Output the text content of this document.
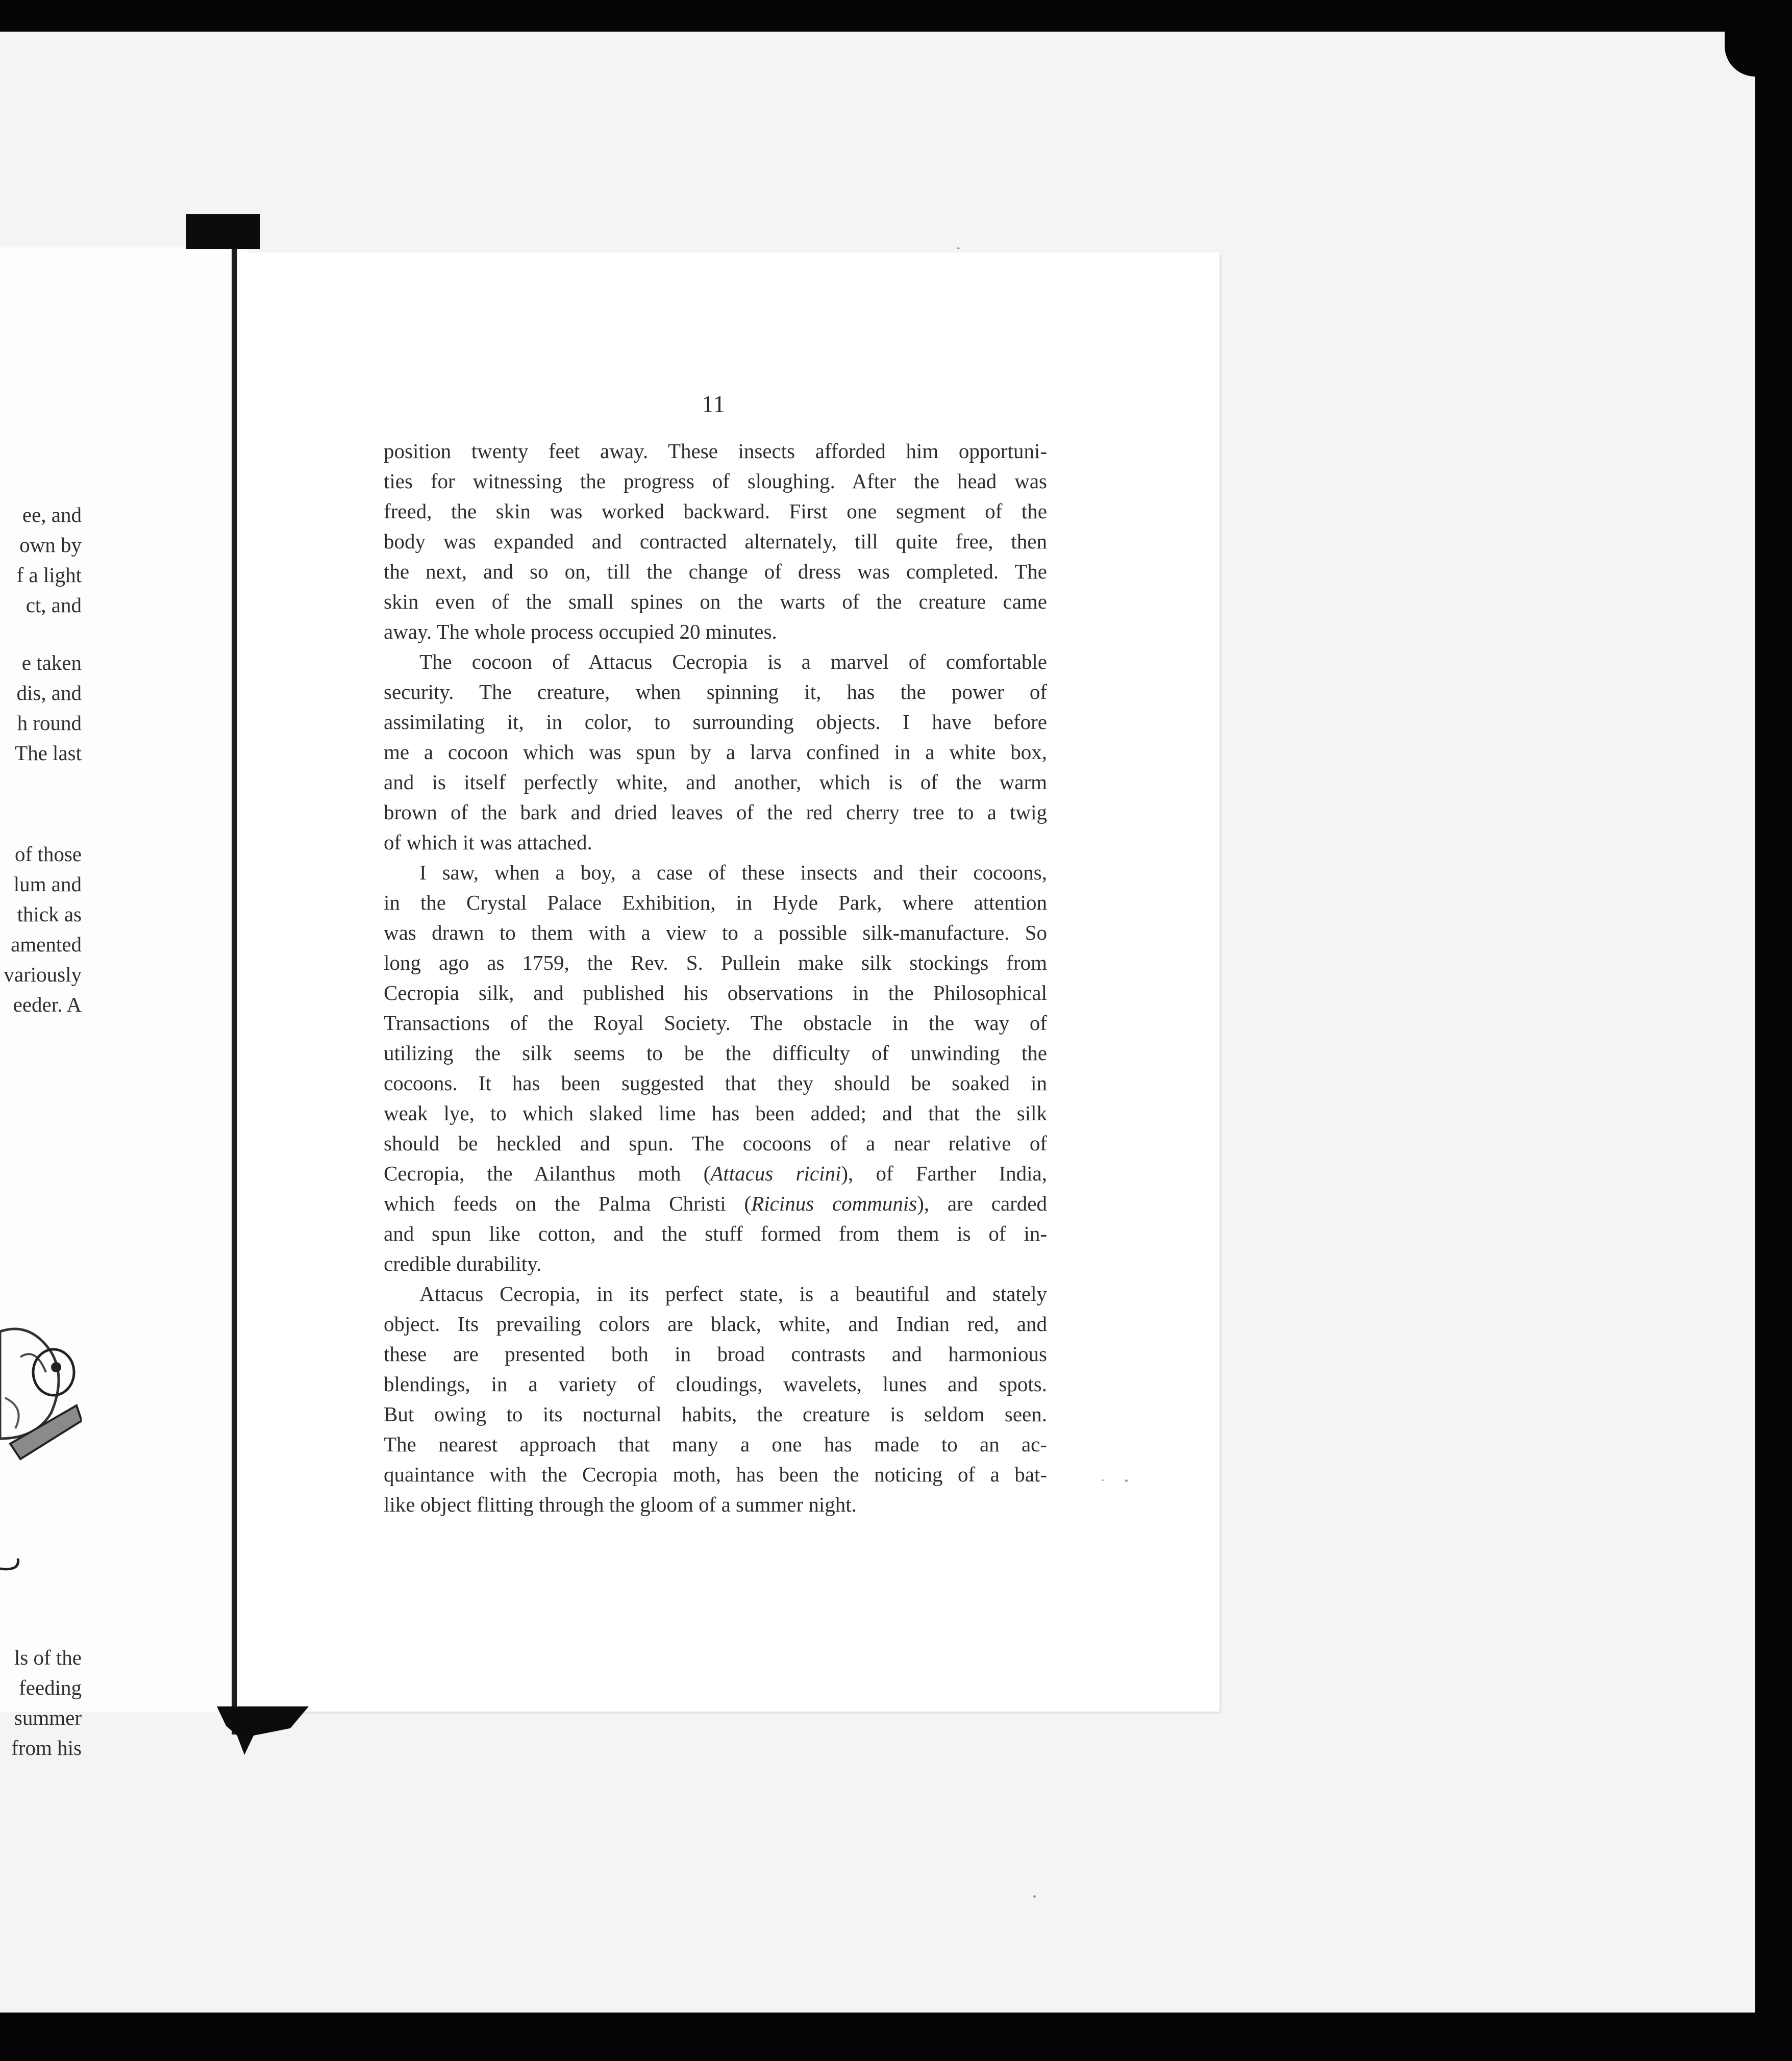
ee, and
own by
f a light
ct, and
e taken
dis, and
h round
The last
of those
lum and
thick as
amented
variously
eeder. A
ls of the
feeding
summer
from his
11
position twenty feet away. These insects afforded him opportuni-
ties for witnessing the progress of sloughing. After the head was
freed, the skin was worked backward. First one segment of the
body was expanded and contracted alternately, till quite free, then
the next, and so on, till the change of dress was completed. The
skin even of the small spines on the warts of the creature came
away. The whole process occupied 20 minutes.
The cocoon of Attacus Cecropia is a marvel of comfortable
security. The creature, when spinning it, has the power of
assimilating it, in color, to surrounding objects. I have before
me a cocoon which was spun by a larva confined in a white box,
and is itself perfectly white, and another, which is of the warm
brown of the bark and dried leaves of the red cherry tree to a twig
of which it was attached.
I saw, when a boy, a case of these insects and their cocoons,
in the Crystal Palace Exhibition, in Hyde Park, where attention
was drawn to them with a view to a possible silk-manufacture. So
long ago as 1759, the Rev. S. Pullein make silk stockings from
Cecropia silk, and published his observations in the Philosophical
Transactions of the Royal Society. The obstacle in the way of
utilizing the silk seems to be the difficulty of unwinding the
cocoons. It has been suggested that they should be soaked in
weak lye, to which slaked lime has been added; and that the silk
should be heckled and spun. The cocoons of a near relative of
Cecropia, the Ailanthus moth (Attacus ricini), of Farther India,
which feeds on the Palma Christi (Ricinus communis), are carded
and spun like cotton, and the stuff formed from them is of in-
credible durability.
Attacus Cecropia, in its perfect state, is a beautiful and stately
object. Its prevailing colors are black, white, and Indian red, and
these are presented both in broad contrasts and harmonious
blendings, in a variety of cloudings, wavelets, lunes and spots.
But owing to its nocturnal habits, the creature is seldom seen.
The nearest approach that many a one has made to an ac-
quaintance with the Cecropia moth, has been the noticing of a bat-
like object flitting through the gloom of a summer night.
